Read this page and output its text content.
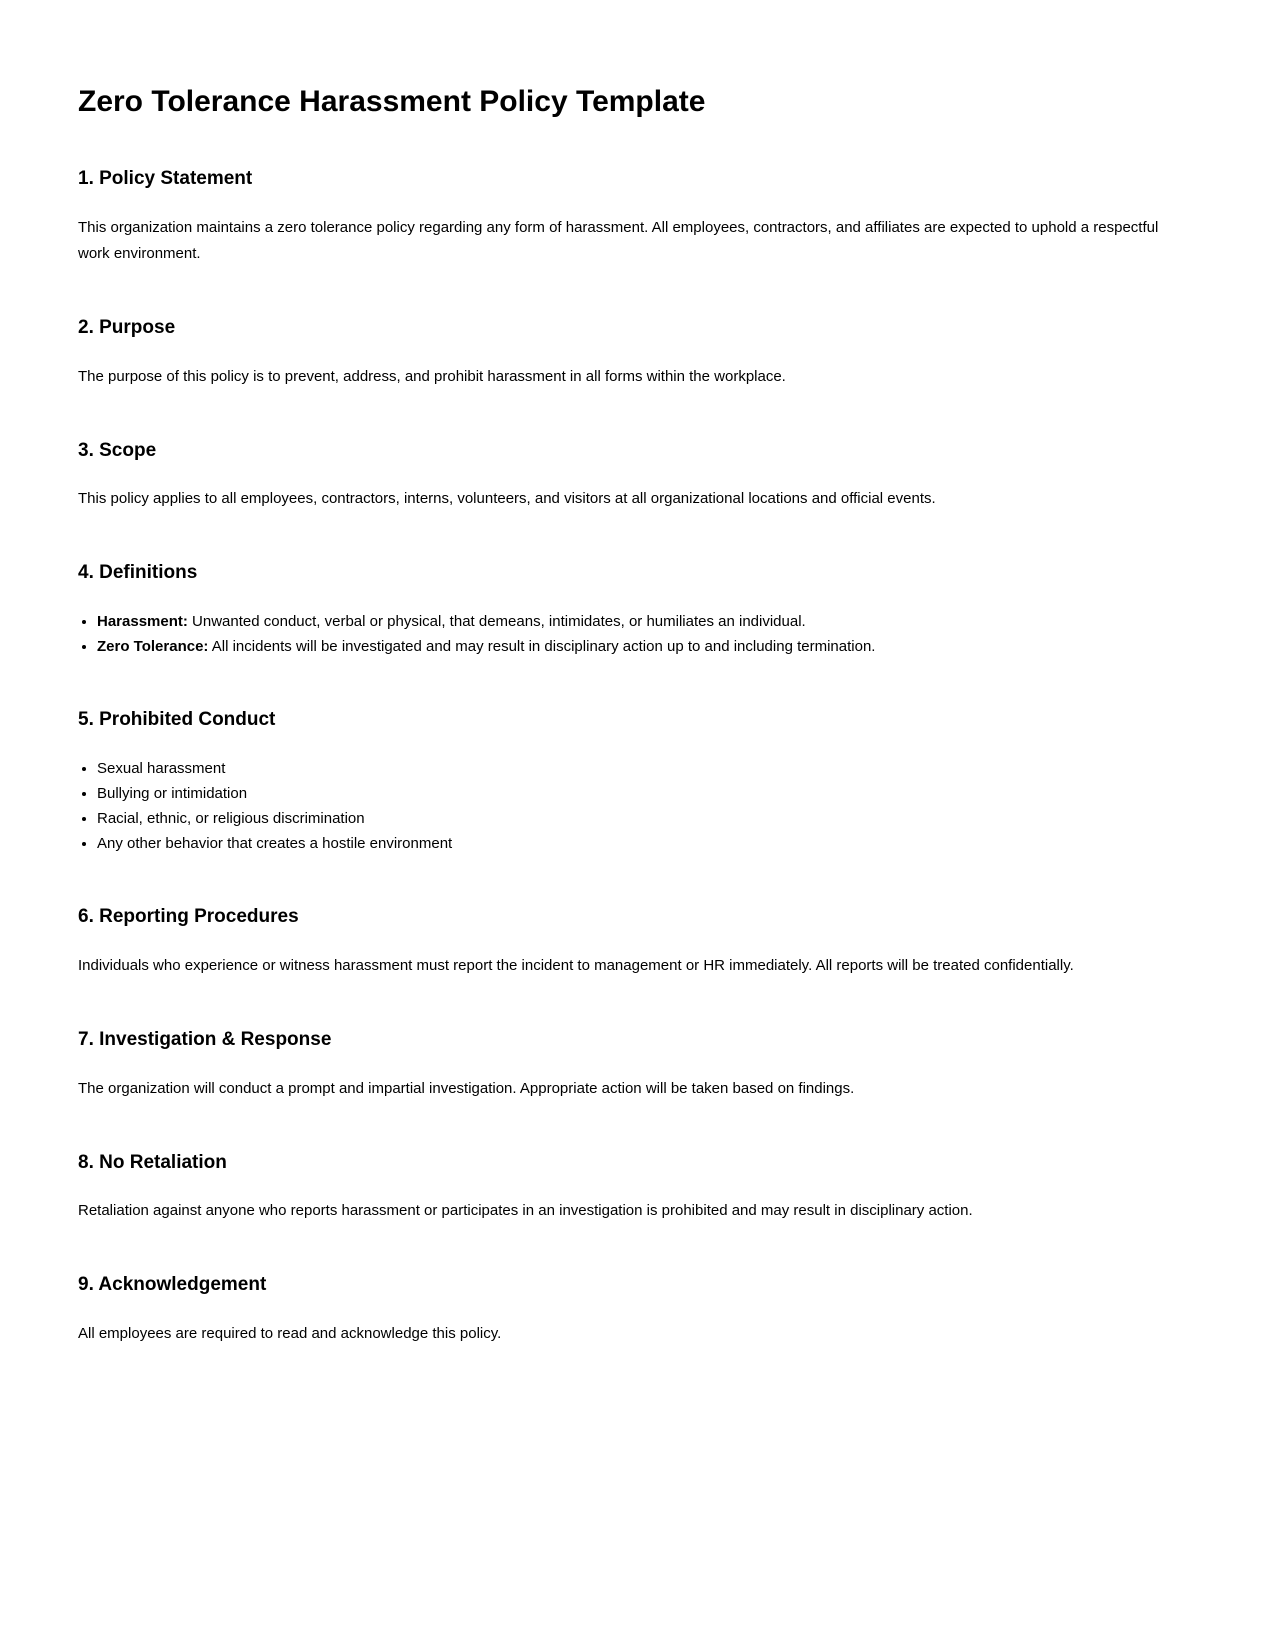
Zero Tolerance Harassment Policy Template
1. Policy Statement

This organization maintains a zero tolerance policy regarding any form of harassment. All employees, contractors, and affiliates are expected to uphold a respectful work environment.

2. Purpose

The purpose of this policy is to prevent, address, and prohibit harassment in all forms within the workplace.

3. Scope

This policy applies to all employees, contractors, interns, volunteers, and visitors at all organizational locations and official events.

4. Definitions
• Harassment: Unwanted conduct, verbal or physical, that demeans, intimidates, or humiliates an individual.
• Zero Tolerance: All incidents will be investigated and may result in disciplinary action up to and including termination.
5. Prohibited Conduct
• Sexual harassment
• Bullying or intimidation
• Racial, ethnic, or religious discrimination
• Any other behavior that creates a hostile environment
6. Reporting Procedures

Individuals who experience or witness harassment must report the incident to management or HR immediately. All reports will be treated confidentially.

7. Investigation & Response

The organization will conduct a prompt and impartial investigation. Appropriate action will be taken based on findings.

8. No Retaliation

Retaliation against anyone who reports harassment or participates in an investigation is prohibited and may result in disciplinary action.

9. Acknowledgement

All employees are required to read and acknowledge this policy.
